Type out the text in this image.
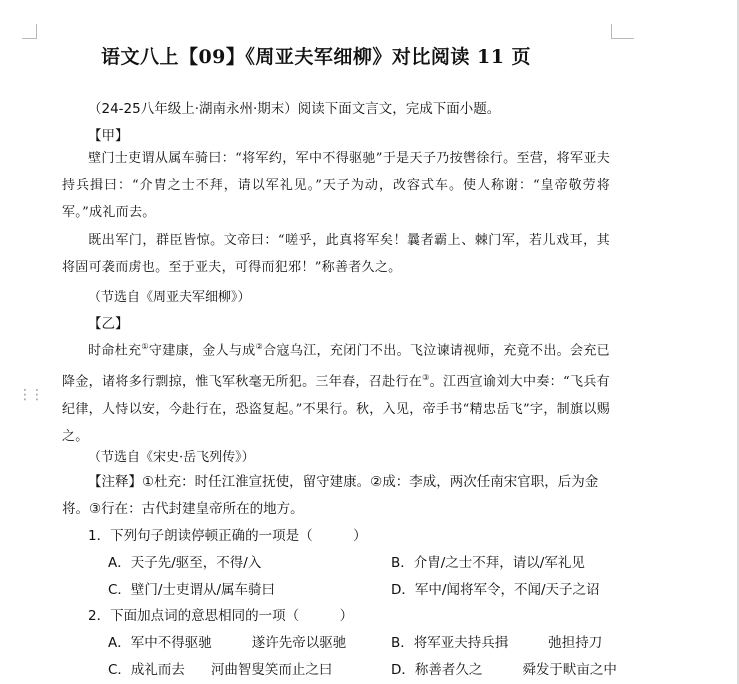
⋮⋮
语文八上【09】《周亚夫军细柳》对比阅读 11 页
（24-25八年级上·湖南永州·期末）阅读下面文言文，完成下面小题。
【甲】
壁门士吏谓从属车骑曰：“将军约，军中不得驱驰”于是天子乃按辔徐行。至营，将军亚夫持兵揖曰：“介胄之士不拜，请以军礼见。”天子为动，改容式车。使人称谢：“皇帝敬劳将军。”成礼而去。
既出军门，群臣皆惊。文帝曰：“嗟乎，此真将军矣！曩者霸上、棘门军，若儿戏耳，其将固可袭而虏也。至于亚夫，可得而犯邪！”称善者久之。
（节选自《周亚夫军细柳》）
【乙】
时命杜充①守建康，金人与成②合寇乌江，充闭门不出。飞泣谏请视师，充竟不出。会充已降金，诸将多行剽掠，惟飞军秋毫无所犯。三年春，召赴行在③。江西宣谕刘大中奏：“飞兵有纪律，人恃以安，今赴行在，恐盗复起。”不果行。秋，入见，帝手书“精忠岳飞”字，制旗以赐之。
（节选自《宋史·岳飞列传》）
【注释】①杜充：时任江淮宣抚使，留守建康。②成：李成，两次任南宋官职，后为金将。③行在：古代封建皇帝所在的地方。
1．下列句子朗读停顿正确的一项是（　　　）
A．天子先/驱至，不得/入	B．介胄/之士不拜，请以/军礼见
C．壁门/士吏谓从/属车骑曰	D．军中/闻将军令，不闻/天子之诏
2．下面加点词的意思相同的一项（　　　）
A．军中不得驱驰	遂许先帝以驱驰	B．将军亚夫持兵揖	弛担持刀
C．成礼而去 河曲智叟笑而止之曰	D．称善者久之	舜发于畎亩之中
